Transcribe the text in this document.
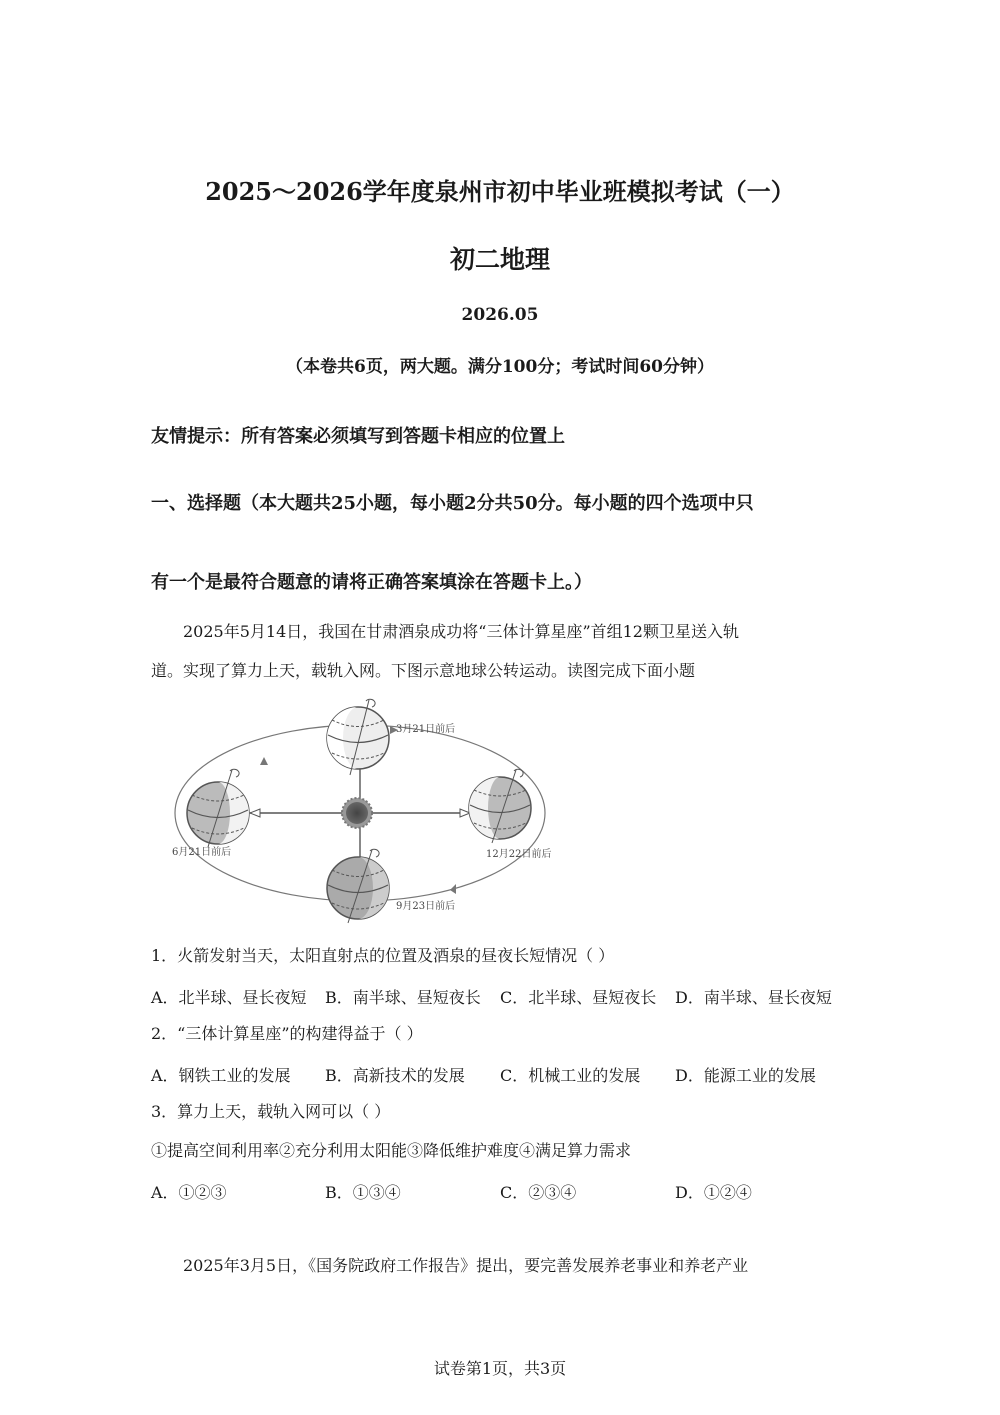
2025～2026学年度泉州市初中毕业班模拟考试（一）
初二地理
2026.05
（本卷共6页，两大题。满分100分；考试时间60分钟）
友情提示：所有答案必须填写到答题卡相应的位置上
一、选择题（本大题共25小题，每小题2分共50分。每小题的四个选项中只
有一个是最符合题意的请将正确答案填涂在答题卡上。）
2025年5月14日，我国在甘肃酒泉成功将“三体计算星座”首组12颗卫星送入轨
道。实现了算力上天，载轨入网。下图示意地球公转运动。读图完成下面小题
3月21日前后
6月21日前后	12月22日前后
9月23日前后
1．火箭发射当天，太阳直射点的位置及酒泉的昼夜长短情况（ ）
A．北半球、昼长夜短 B．南半球、昼短夜长 C．北半球、昼短夜长 D．南半球、昼长夜短
2．“三体计算星座”的构建得益于（ ）
A．钢铁工业的发展 B．高新技术的发展 C．机械工业的发展 D．能源工业的发展
3．算力上天，载轨入网可以（ ）
①提高空间利用率②充分利用太阳能③降低维护难度④满足算力需求
A．①②③	B．①③④	C．②③④	D．①②④
2025年3月5日，《国务院政府工作报告》提出，要完善发展养老事业和养老产业
试卷第1页，共3页
